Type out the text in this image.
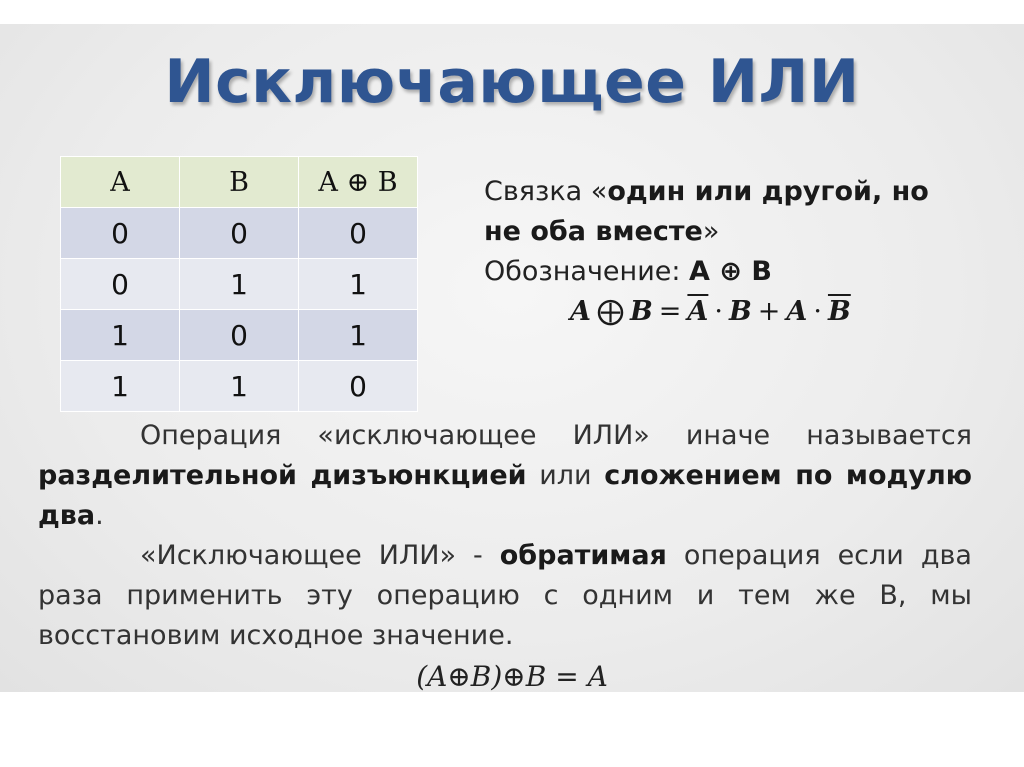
Исключающее ИЛИ
A	B	A ⊕ B
0	0	0
0	1	1
1	0	1
1	1	0
Связка «один или другой, но
не оба вместе»
Обозначение: A ⊕ B
A ⨁ $B = \overline{A} \cdot B + A \cdot \overline{B}$
Операция «исключающее ИЛИ» иначе называется разделительной дизъюнкцией или сложением по модулю два.
«Исключающее ИЛИ» - обратимая операция если два раза применить эту операцию с одним и тем же B, мы восстановим исходное значение.
(A⊕B)⊕B = A
